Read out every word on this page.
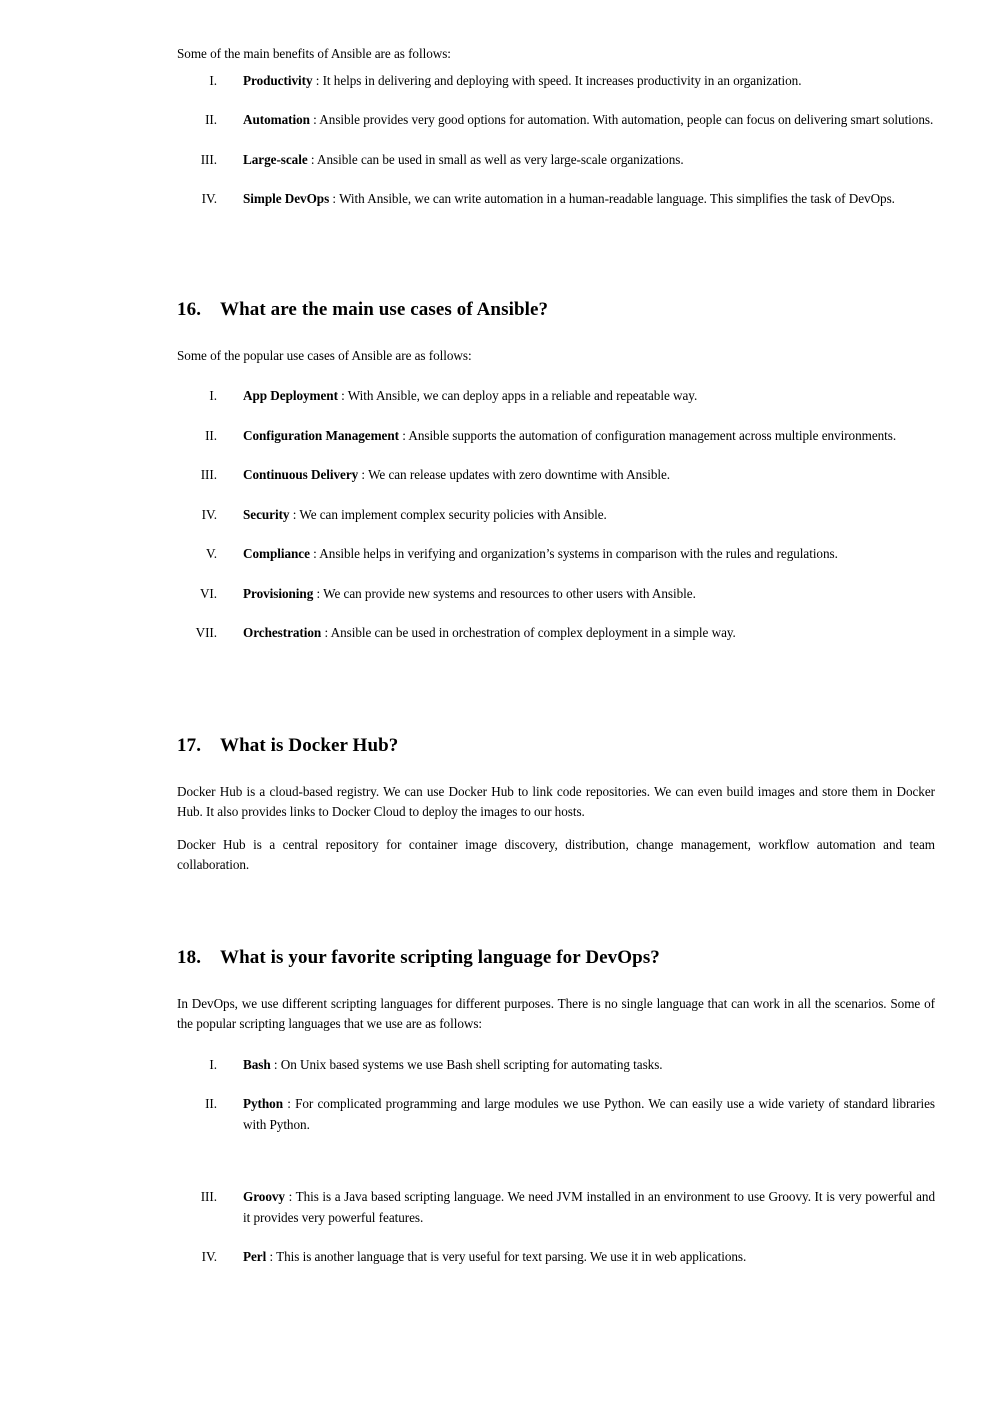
Some of the main benefits of Ansible are as follows:

I.	Productivity : It helps in delivering and deploying with speed. It increases productivity in an organization.
II.	Automation : Ansible provides very good options for automation. With automation, people can focus on delivering smart solutions.
III.	Large-scale : Ansible can be used in small as well as very large-scale organizations.
IV.	Simple DevOps : With Ansible, we can write automation in a human-readable language. This simplifies the task of DevOps.
16. What are the main use cases of Ansible?

Some of the popular use cases of Ansible are as follows:

I.	App Deployment : With Ansible, we can deploy apps in a reliable and repeatable way.
II.	Configuration Management : Ansible supports the automation of configuration management across multiple environments.
III.	Continuous Delivery : We can release updates with zero downtime with Ansible.
IV.	Security : We can implement complex security policies with Ansible.
V.	Compliance : Ansible helps in verifying and organization’s systems in comparison with the rules and regulations.
VI.	Provisioning : We can provide new systems and resources to other users with Ansible.
VII.	Orchestration : Ansible can be used in orchestration of complex deployment in a simple way.
17. What is Docker Hub?

Docker Hub is a cloud-based registry. We can use Docker Hub to link code repositories. We can even build images and store them in Docker Hub. It also provides links to Docker Cloud to deploy the images to our hosts.

Docker Hub is a central repository for container image discovery, distribution, change management, workflow automation and team collaboration.

18. What is your favorite scripting language for DevOps?

In DevOps, we use different scripting languages for different purposes. There is no single language that can work in all the scenarios. Some of the popular scripting languages that we use are as follows:

I.	Bash : On Unix based systems we use Bash shell scripting for automating tasks.
II.	Python : For complicated programming and large modules we use Python. We can easily use a wide variety of standard libraries with Python.
III.	Groovy : This is a Java based scripting language. We need JVM installed in an environment to use Groovy. It is very powerful and it provides very powerful features.
IV.	Perl : This is another language that is very useful for text parsing. We use it in web applications.
